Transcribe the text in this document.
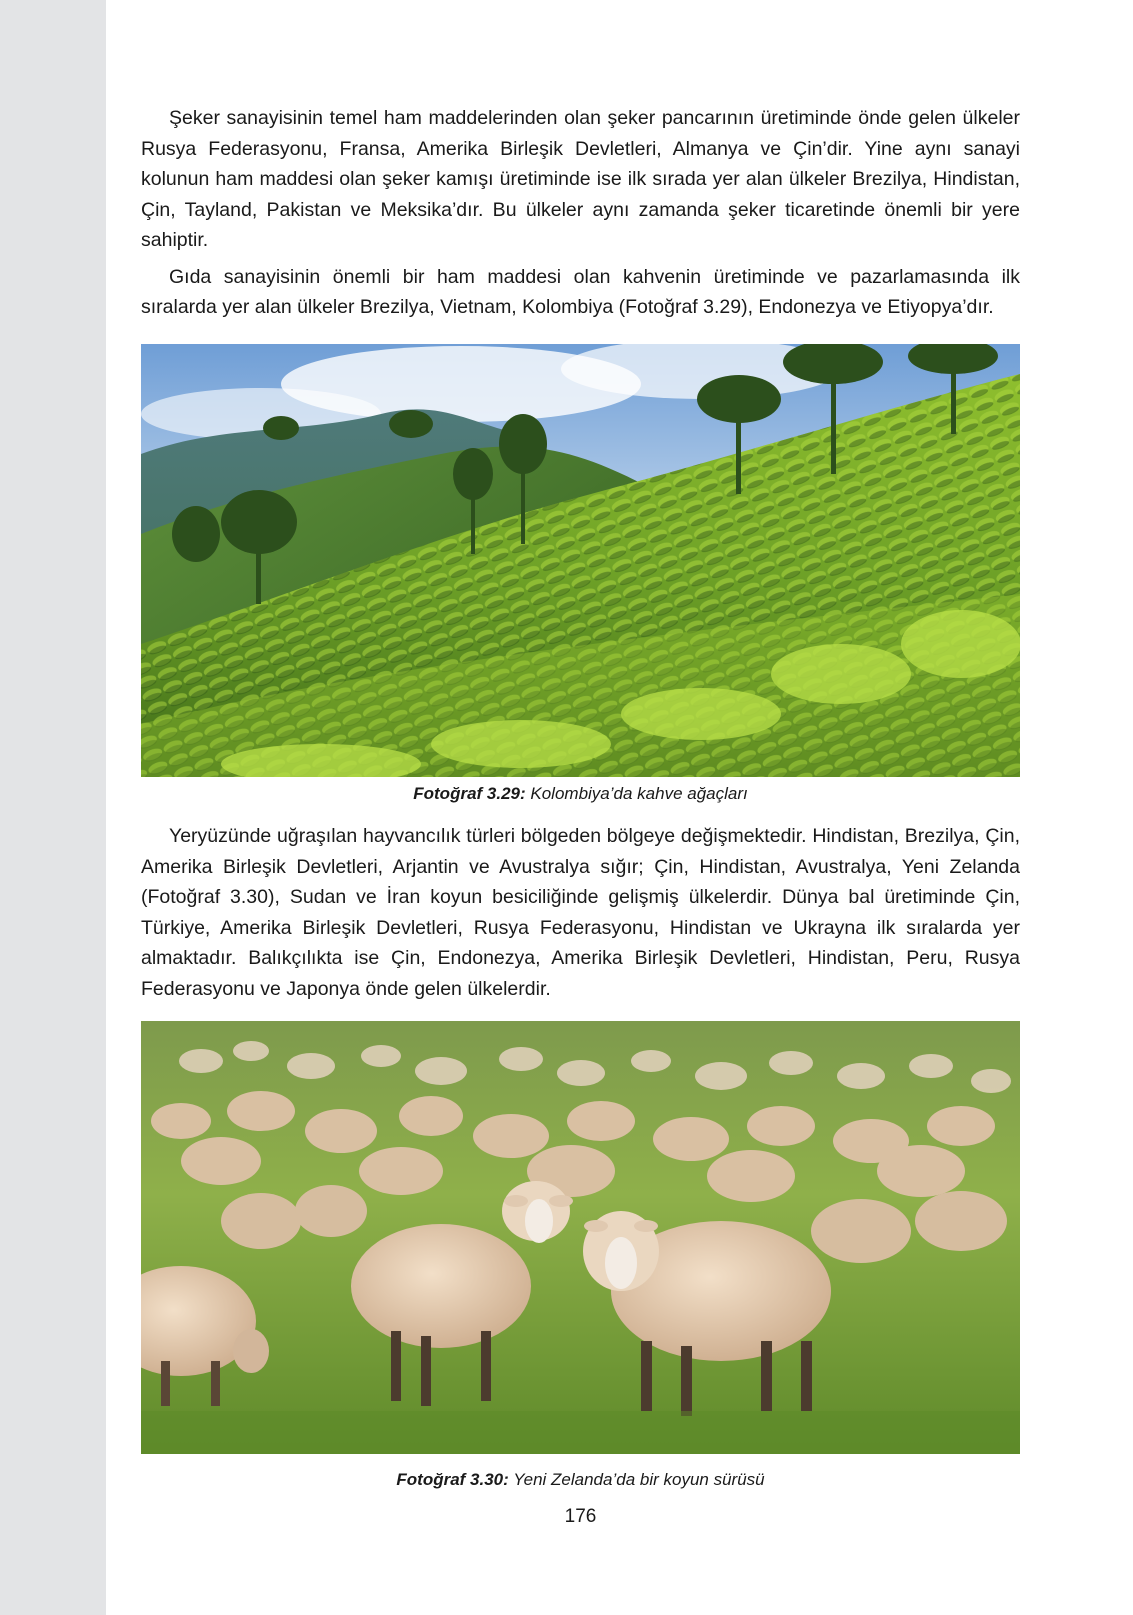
Şeker sanayisinin temel ham maddelerinden olan şeker pancarının üretiminde önde gelen ülkeler Rusya Federasyonu, Fransa, Amerika Birleşik Devletleri, Almanya ve Çin’dir. Yine aynı sanayi kolunun ham maddesi olan şeker kamışı üretiminde ise ilk sırada yer alan ülkeler Brezilya, Hindistan, Çin, Tayland, Pakistan ve Meksika’dır. Bu ülkeler aynı zamanda şeker ticaretinde önemli bir yere sahiptir.

Gıda sanayisinin önemli bir ham maddesi olan kahvenin üretiminde ve pazarlamasında ilk sıralarda yer alan ülkeler Brezilya, Vietnam, Kolombiya (Fotoğraf 3.29), Endonezya ve Etiyopya’dır.

Fotoğraf 3.29: Kolombiya’da kahve ağaçları

Yeryüzünde uğraşılan hayvancılık türleri bölgeden bölgeye değişmektedir. Hindistan, Brezilya, Çin, Amerika Birleşik Devletleri, Arjantin ve Avustralya sığır; Çin, Hindistan, Avustralya, Yeni Zelanda (Fotoğraf 3.30), Sudan ve İran koyun besiciliğinde gelişmiş ülkelerdir. Dünya bal üretiminde Çin, Türkiye, Amerika Birleşik Devletleri, Rusya Federasyonu, Hindistan ve Ukrayna ilk sıralarda yer almaktadır. Balıkçılıkta ise Çin, Endonezya, Amerika Birleşik Devletleri, Hindistan, Peru, Rusya Federasyonu ve Japonya önde gelen ülkelerdir.

Fotoğraf 3.30: Yeni Zelanda’da bir koyun sürüsü
176
